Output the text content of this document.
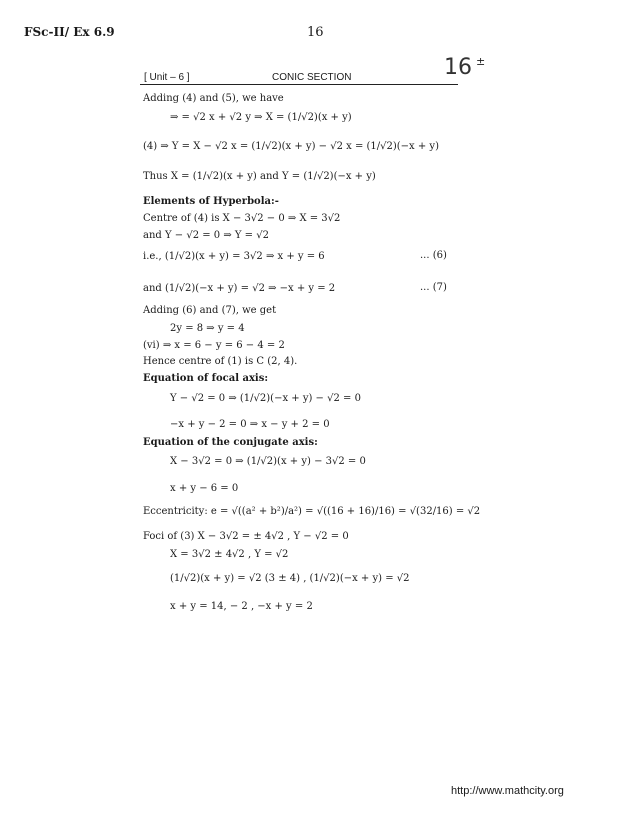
FSc-II/ Ex 6.9	16
16 ±
[ Unit – 6 ]	CONIC SECTION
Adding (4) and (5), we have
⇒ = √2 x + √2 y ⇒ X = (1/√2)(x + y)
(4) ⇒ Y = X − √2 x = (1/√2)(x + y) − √2 x = (1/√2)(−x + y)
Thus X = (1/√2)(x + y) and Y = (1/√2)(−x + y)
Elements of Hyperbola:-
Centre of (4) is X − 3√2 − 0 ⇒ X = 3√2
and Y − √2 = 0 ⇒ Y = √2
i.e., (1/√2)(x + y) = 3√2 ⇒ x + y = 6	... (6)
and (1/√2)(−x + y) = √2 ⇒ −x + y = 2	... (7)
Adding (6) and (7), we get
2y = 8 ⇒ y = 4
(vi) ⇒ x = 6 − y = 6 − 4 = 2
Hence centre of (1) is C (2, 4).
Equation of focal axis:
Y − √2 = 0 ⇒ (1/√2)(−x + y) − √2 = 0
−x + y − 2 = 0 ⇒ x − y + 2 = 0
Equation of the conjugate axis:
X − 3√2 = 0 ⇒ (1/√2)(x + y) − 3√2 = 0
x + y − 6 = 0
Eccentricity: e = √((a² + b²)/a²) = √((16 + 16)/16) = √(32/16) = √2
Foci of (3) X − 3√2 = ± 4√2 , Y − √2 = 0
X = 3√2 ± 4√2 , Y = √2
(1/√2)(x + y) = √2 (3 ± 4) , (1/√2)(−x + y) = √2
x + y = 14, − 2 , −x + y = 2
http://www.mathcity.org
